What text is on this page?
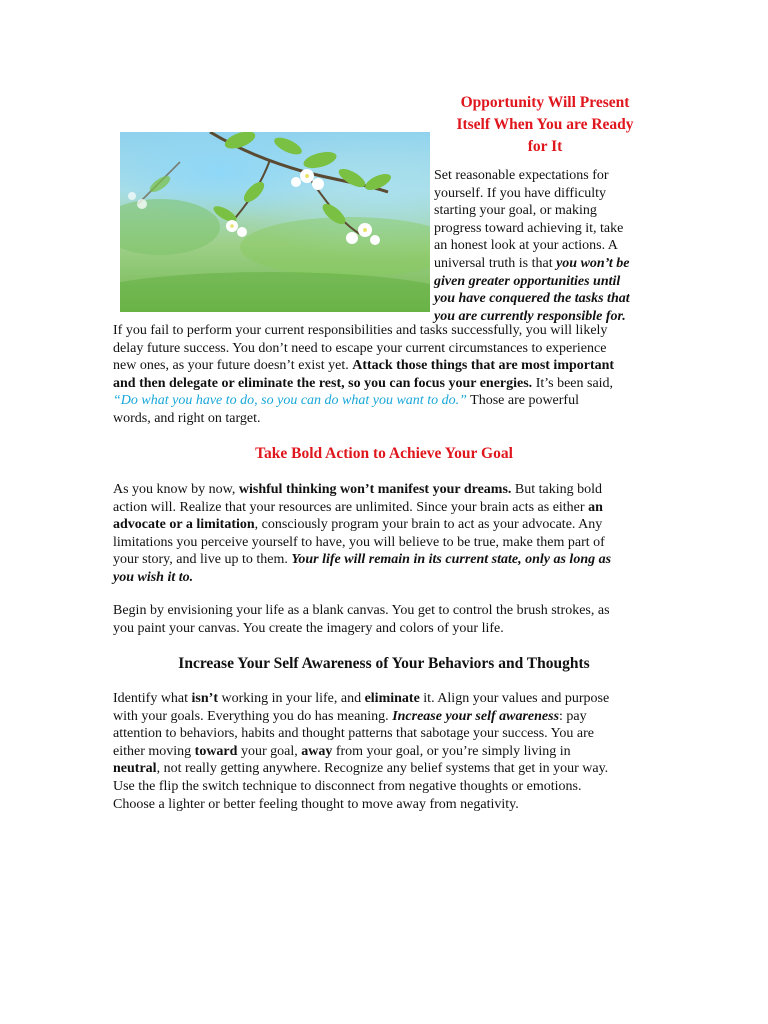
Opportunity Will Present
Itself When You are Ready
for It
Set reasonable expectations for
yourself. If you have difficulty
starting your goal, or making
progress toward achieving it, take
an honest look at your actions. A
universal truth is that you won’t be
given greater opportunities until
you have conquered the tasks that
you are currently responsible for.
If you fail to perform your current responsibilities and tasks successfully, you will likely
delay future success. You don’t need to escape your current circumstances to experience
new ones, as your future doesn’t exist yet. Attack those things that are most important
and then delegate or eliminate the rest, so you can focus your energies. It’s been said,
“Do what you have to do, so you can do what you want to do.” Those are powerful
words, and right on target.
Take Bold Action to Achieve Your Goal
As you know by now, wishful thinking won’t manifest your dreams. But taking bold
action will. Realize that your resources are unlimited. Since your brain acts as either an
advocate or a limitation, consciously program your brain to act as your advocate. Any
limitations you perceive yourself to have, you will believe to be true, make them part of
your story, and live up to them. Your life will remain in its current state, only as long as
you wish it to.
Begin by envisioning your life as a blank canvas. You get to control the brush strokes, as
you paint your canvas. You create the imagery and colors of your life.
Increase Your Self Awareness of Your Behaviors and Thoughts
Identify what isn’t working in your life, and eliminate it. Align your values and purpose
with your goals. Everything you do has meaning. Increase your self awareness: pay
attention to behaviors, habits and thought patterns that sabotage your success. You are
either moving toward your goal, away from your goal, or you’re simply living in
neutral, not really getting anywhere. Recognize any belief systems that get in your way.
Use the flip the switch technique to disconnect from negative thoughts or emotions.
Choose a lighter or better feeling thought to move away from negativity.
